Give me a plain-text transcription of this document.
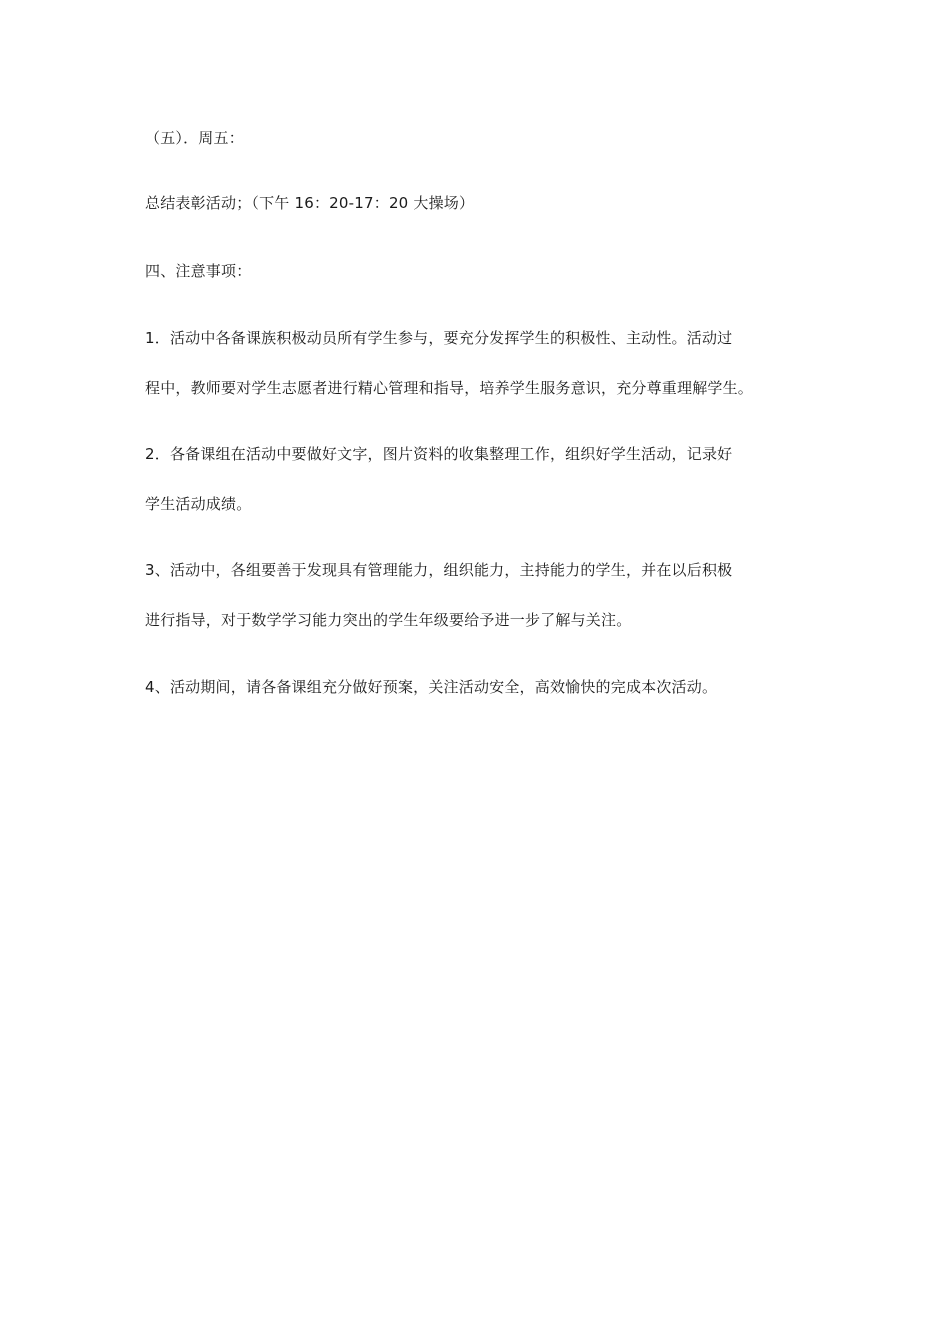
（五）．周五：
总结表彰活动；（下午 16：20-17：20 大操场）
四、注意事项：
1．活动中各备课族积极动员所有学生参与，要充分发挥学生的积极性、主动性。活动过
程中，教师要对学生志愿者进行精心管理和指导，培养学生服务意识，充分尊重理解学生。
2．各备课组在活动中要做好文字，图片资料的收集整理工作，组织好学生活动，记录好
学生活动成绩。
3、活动中，各组要善于发现具有管理能力，组织能力，主持能力的学生，并在以后积极
进行指导，对于数学学习能力突出的学生年级要给予进一步了解与关注。
4、活动期间，请各备课组充分做好预案，关注活动安全，高效愉快的完成本次活动。
